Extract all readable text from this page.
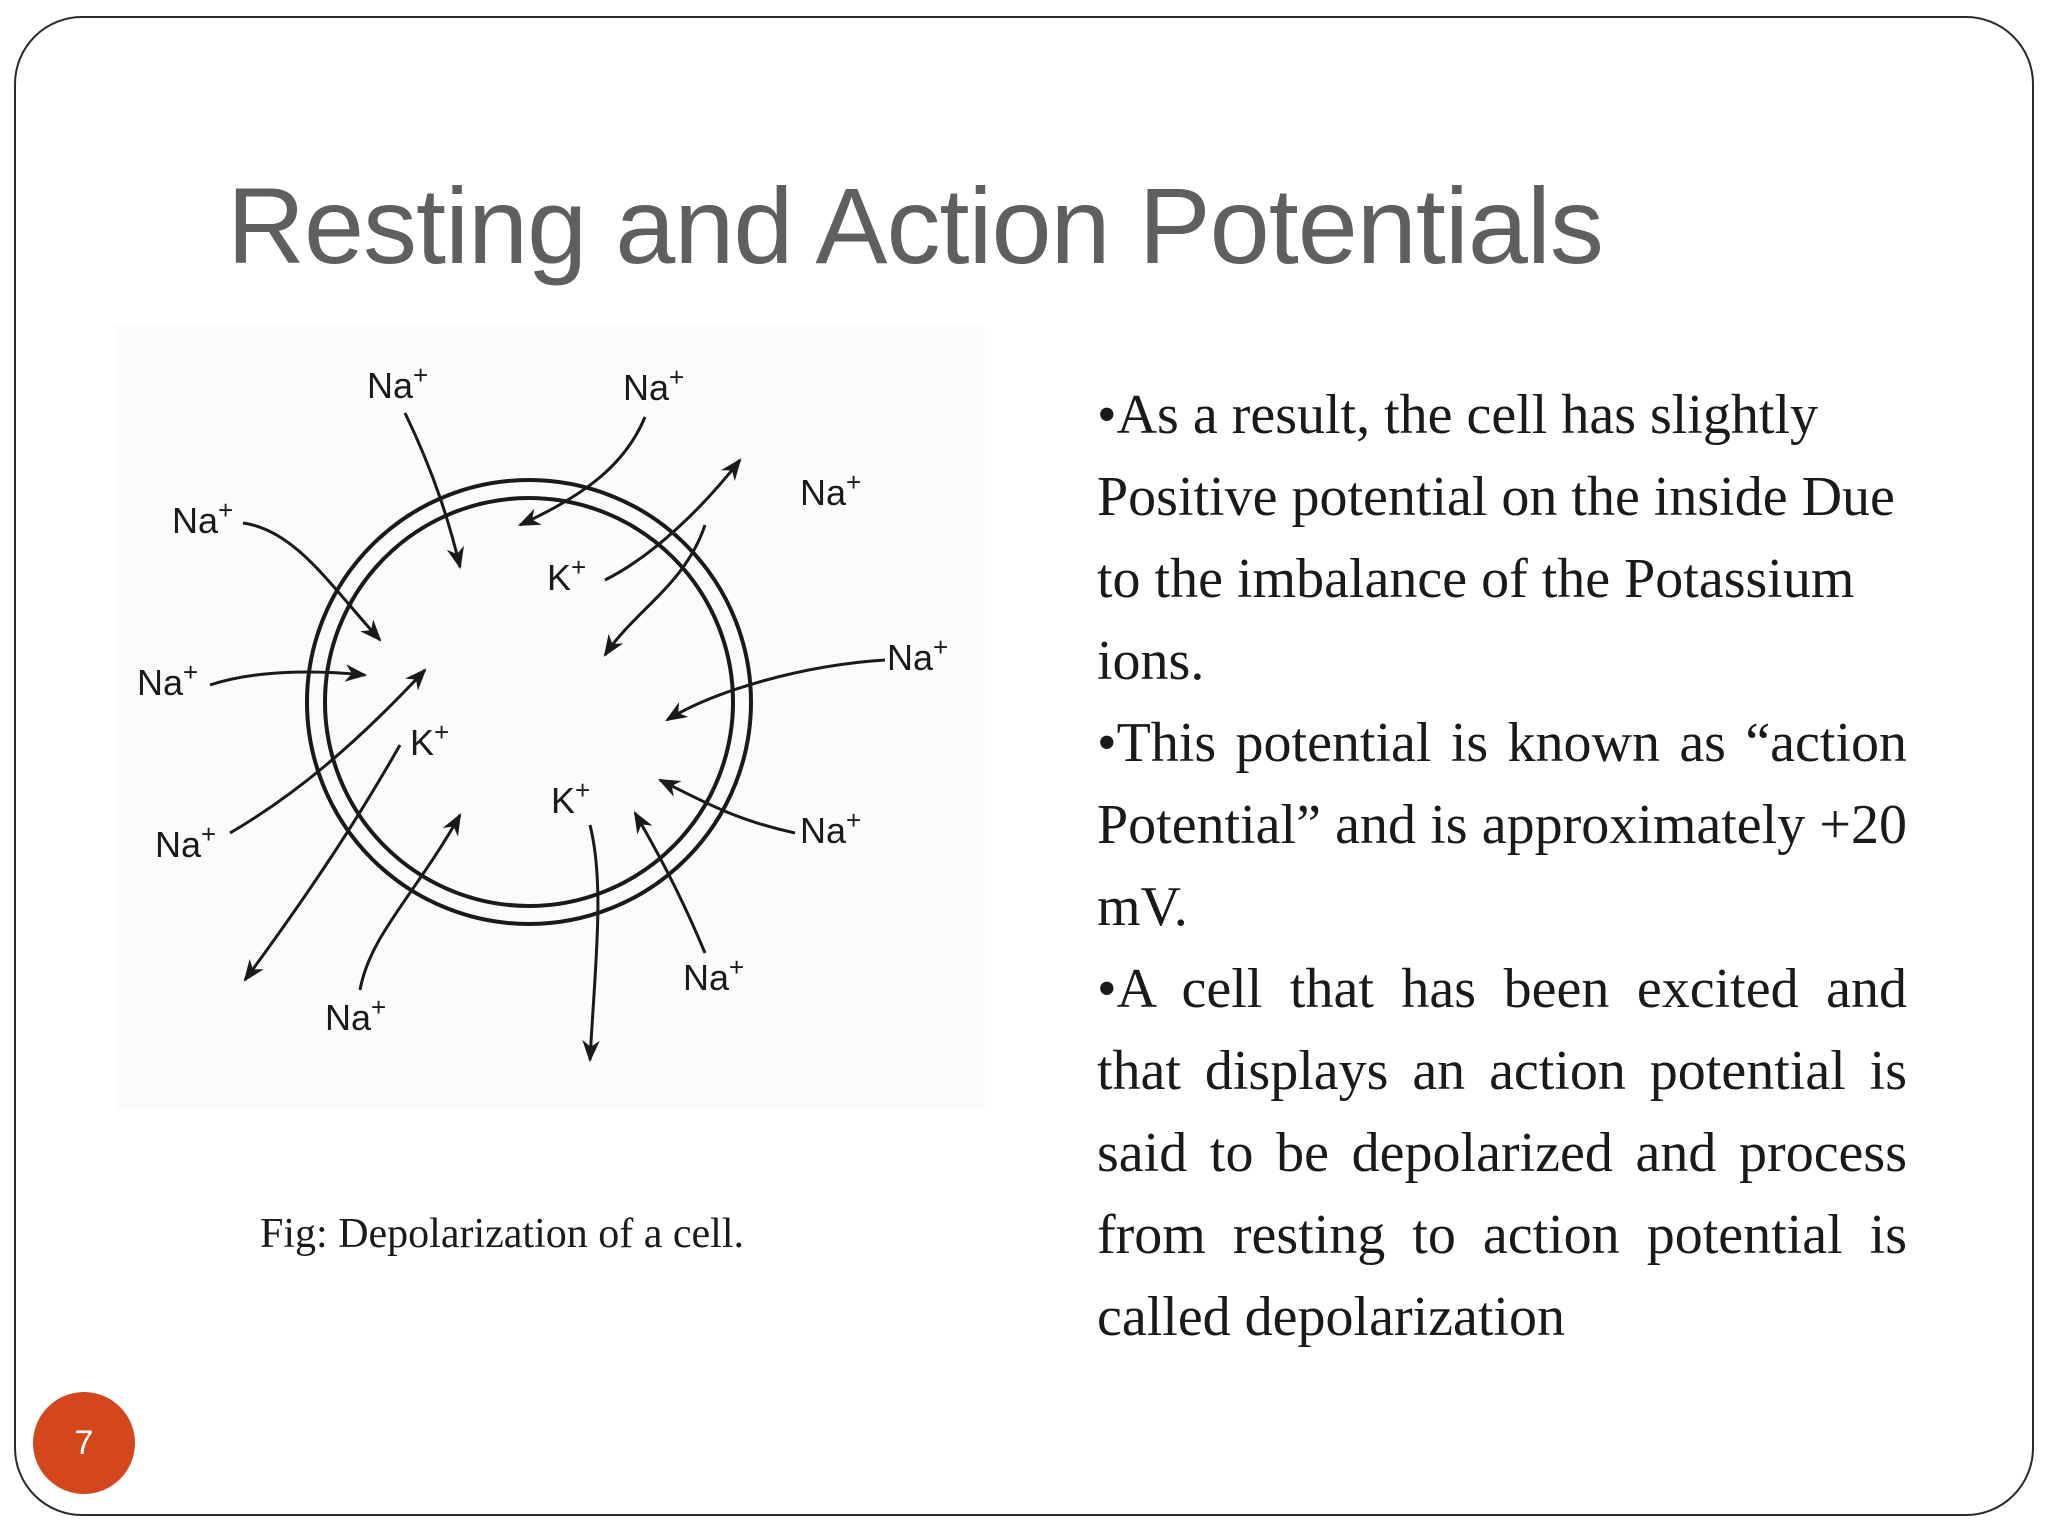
Resting and Action Potentials
Na+	Na+
Na+	Na+
Na+	Na+
Na+	Na+
Na+
Na+
K+
K+
K+
Fig: Depolarization of a cell.

•As a result, the cell has slightly Positive potential on the inside Due to the imbalance of the Potassium ions.

•This potential is known as “action Potential” and is approximately +20 mV.

•A cell that has been excited and that displays an action potential is said to be depolarized and process from resting to action potential is called depolarization

7
